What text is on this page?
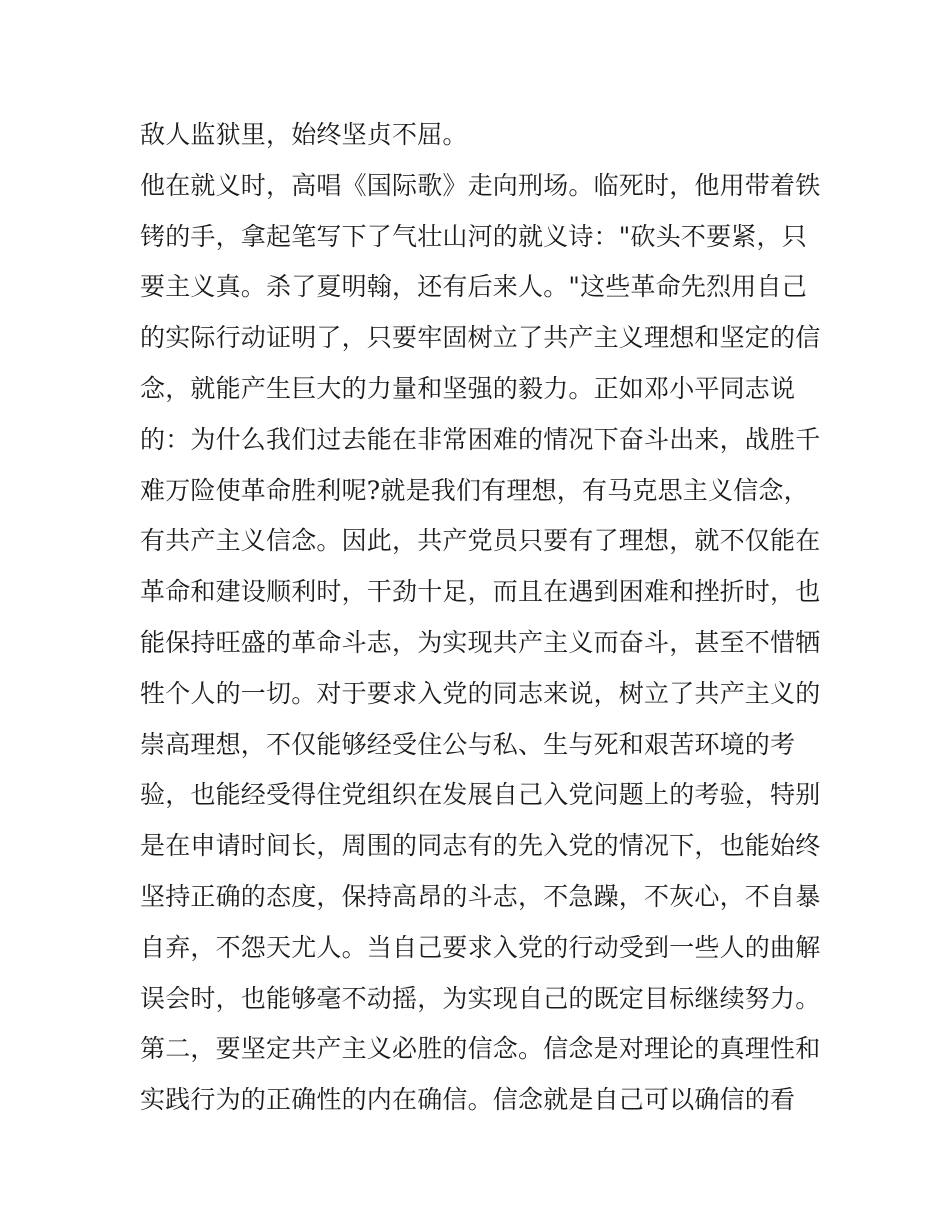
敌人监狱里，始终坚贞不屈。
他在就义时，高唱《国际歌》走向刑场。临死时，他用带着铁
铐的手，拿起笔写下了气壮山河的就义诗："砍头不要紧，只
要主义真。杀了夏明翰，还有后来人。"这些革命先烈用自己
的实际行动证明了，只要牢固树立了共产主义理想和坚定的信
念，就能产生巨大的力量和坚强的毅力。正如邓小平同志说
的：为什么我们过去能在非常困难的情况下奋斗出来，战胜千
难万险使革命胜利呢?就是我们有理想，有马克思主义信念，
有共产主义信念。因此，共产党员只要有了理想，就不仅能在
革命和建设顺利时，干劲十足，而且在遇到困难和挫折时，也
能保持旺盛的革命斗志，为实现共产主义而奋斗，甚至不惜牺
牲个人的一切。对于要求入党的同志来说，树立了共产主义的
崇高理想，不仅能够经受住公与私、生与死和艰苦环境的考
验，也能经受得住党组织在发展自己入党问题上的考验，特别
是在申请时间长，周围的同志有的先入党的情况下，也能始终
坚持正确的态度，保持高昂的斗志，不急躁，不灰心，不自暴
自弃，不怨天尤人。当自己要求入党的行动受到一些人的曲解
误会时，也能够毫不动摇，为实现自己的既定目标继续努力。
第二，要坚定共产主义必胜的信念。信念是对理论的真理性和
实践行为的正确性的内在确信。信念就是自己可以确信的看
